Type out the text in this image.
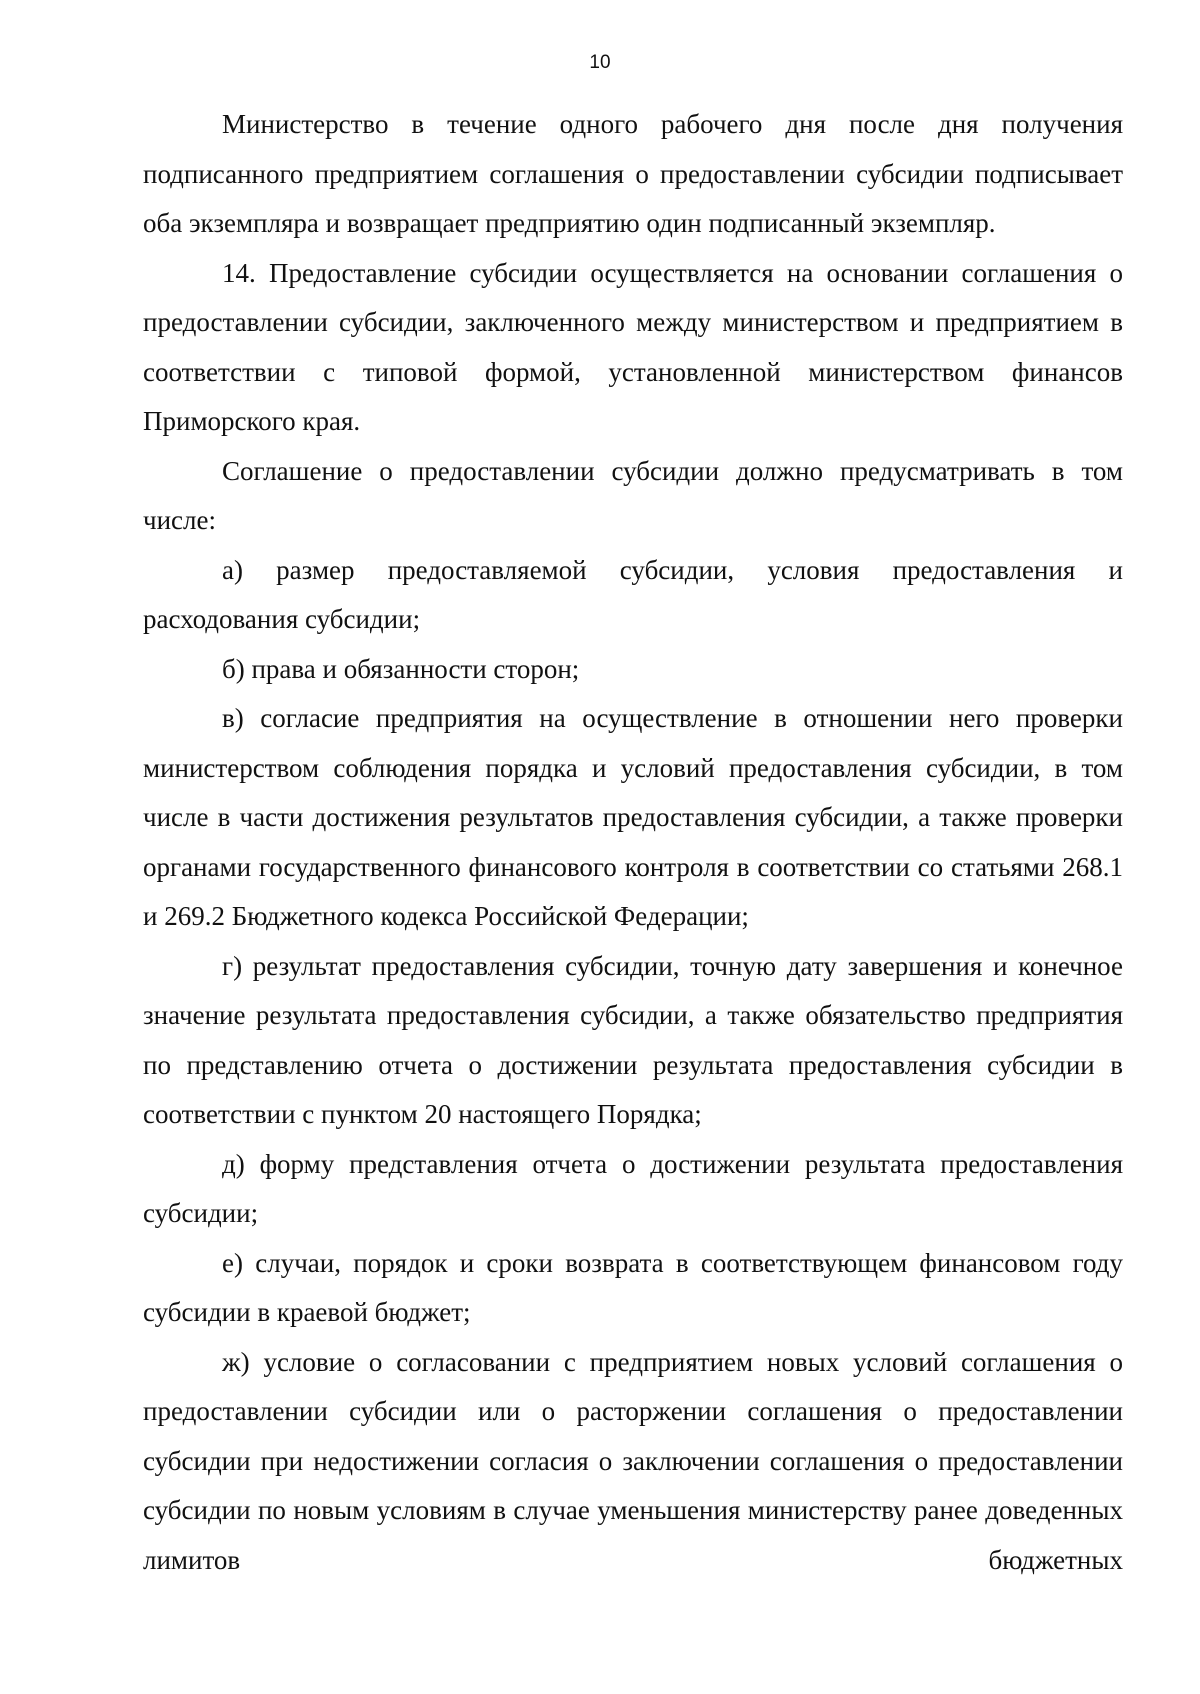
10

Министерство в течение одного рабочего дня после дня получения подписанного предприятием соглашения о предоставлении субсидии подписывает оба экземпляра и возвращает предприятию один подписанный экземпляр.

14. Предоставление субсидии осуществляется на основании соглашения о предоставлении субсидии, заключенного между министерством и предприятием в соответствии с типовой формой, установленной министерством финансов Приморского края.

Соглашение о предоставлении субсидии должно предусматривать в том числе:

а) размер предоставляемой субсидии, условия предоставления и расходования субсидии;

б) права и обязанности сторон;

в) согласие предприятия на осуществление в отношении него проверки министерством соблюдения порядка и условий предоставления субсидии, в том числе в части достижения результатов предоставления субсидии, а также проверки органами государственного финансового контроля в соответствии со статьями 268.1 и 269.2 Бюджетного кодекса Российской Федерации;

г) результат предоставления субсидии, точную дату завершения и конечное значение результата предоставления субсидии, а также обязательство предприятия по представлению отчета о достижении результата предоставления субсидии в соответствии с пунктом 20 настоящего Порядка;

д) форму представления отчета о достижении результата предоставления субсидии;

е) случаи, порядок и сроки возврата в соответствующем финансовом году субсидии в краевой бюджет;

ж) условие о согласовании с предприятием новых условий соглашения о предоставлении субсидии или о расторжении соглашения о предоставлении субсидии при недостижении согласия о заключении соглашения о предоставлении субсидии по новым условиям в случае уменьшения министерству ранее доведенных лимитов бюджетных
